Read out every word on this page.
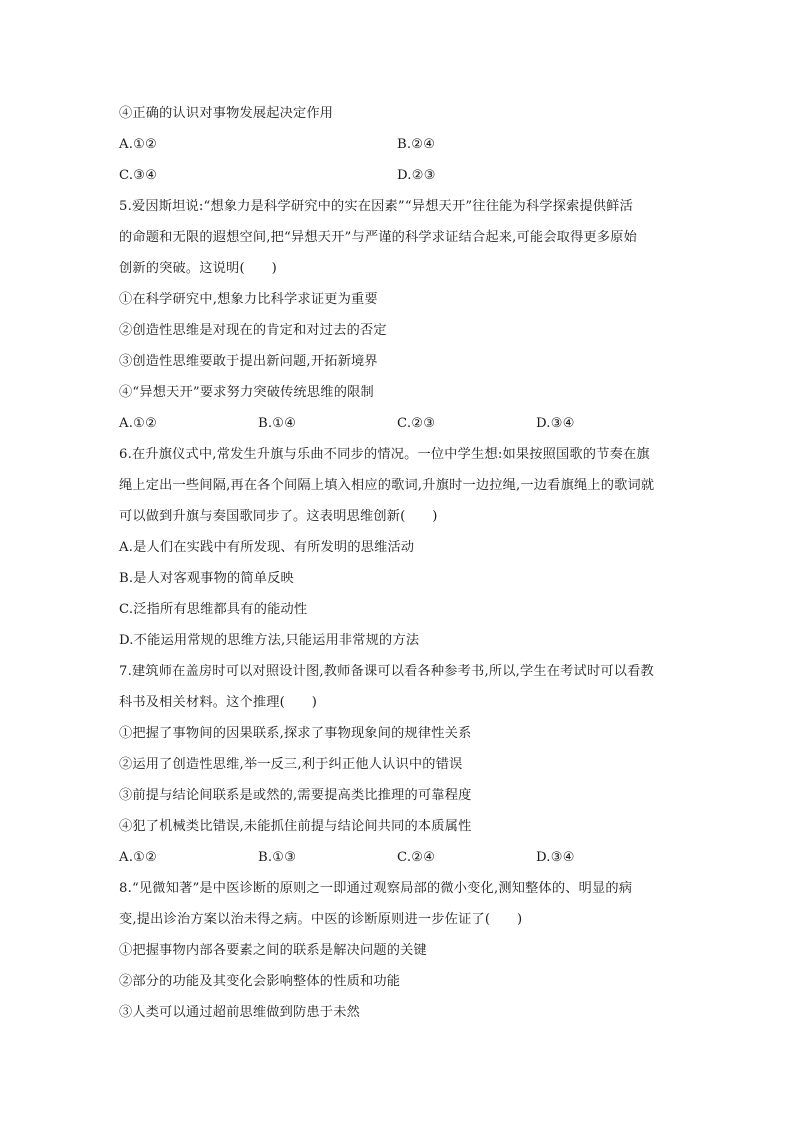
④正确的认识对事物发展起决定作用
A.①②	B.②④
C.③④	D.②③
5.爱因斯坦说:“想象力是科学研究中的实在因素”“异想天开”往往能为科学探索提供鲜活
的命题和无限的遐想空间,把“异想天开”与严谨的科学求证结合起来,可能会取得更多原始
创新的突破。这说明(　　)
①在科学研究中,想象力比科学求证更为重要
②创造性思维是对现在的肯定和对过去的否定
③创造性思维要敢于提出新问题,开拓新境界
④“异想天开”要求努力突破传统思维的限制
A.①②	B.①④	C.②③	D.③④
6.在升旗仪式中,常发生升旗与乐曲不同步的情况。一位中学生想:如果按照国歌的节奏在旗
绳上定出一些间隔,再在各个间隔上填入相应的歌词,升旗时一边拉绳,一边看旗绳上的歌词就
可以做到升旗与奏国歌同步了。这表明思维创新(　　)
A.是人们在实践中有所发现、有所发明的思维活动
B.是人对客观事物的简单反映
C.泛指所有思维都具有的能动性
D.不能运用常规的思维方法,只能运用非常规的方法
7.建筑师在盖房时可以对照设计图,教师备课可以看各种参考书,所以,学生在考试时可以看教
科书及相关材料。这个推理(　　)
①把握了事物间的因果联系,探求了事物现象间的规律性关系
②运用了创造性思维,举一反三,利于纠正他人认识中的错误
③前提与结论间联系是或然的,需要提高类比推理的可靠程度
④犯了机械类比错误,未能抓住前提与结论间共同的本质属性
A.①②	B.①③	C.②④	D.③④
8.“见微知著”是中医诊断的原则之一即通过观察局部的微小变化,测知整体的、明显的病
变,提出诊治方案以治未得之病。中医的诊断原则进一步佐证了(　　)
①把握事物内部各要素之间的联系是解决问题的关键
②部分的功能及其变化会影响整体的性质和功能
③人类可以通过超前思维做到防患于未然
